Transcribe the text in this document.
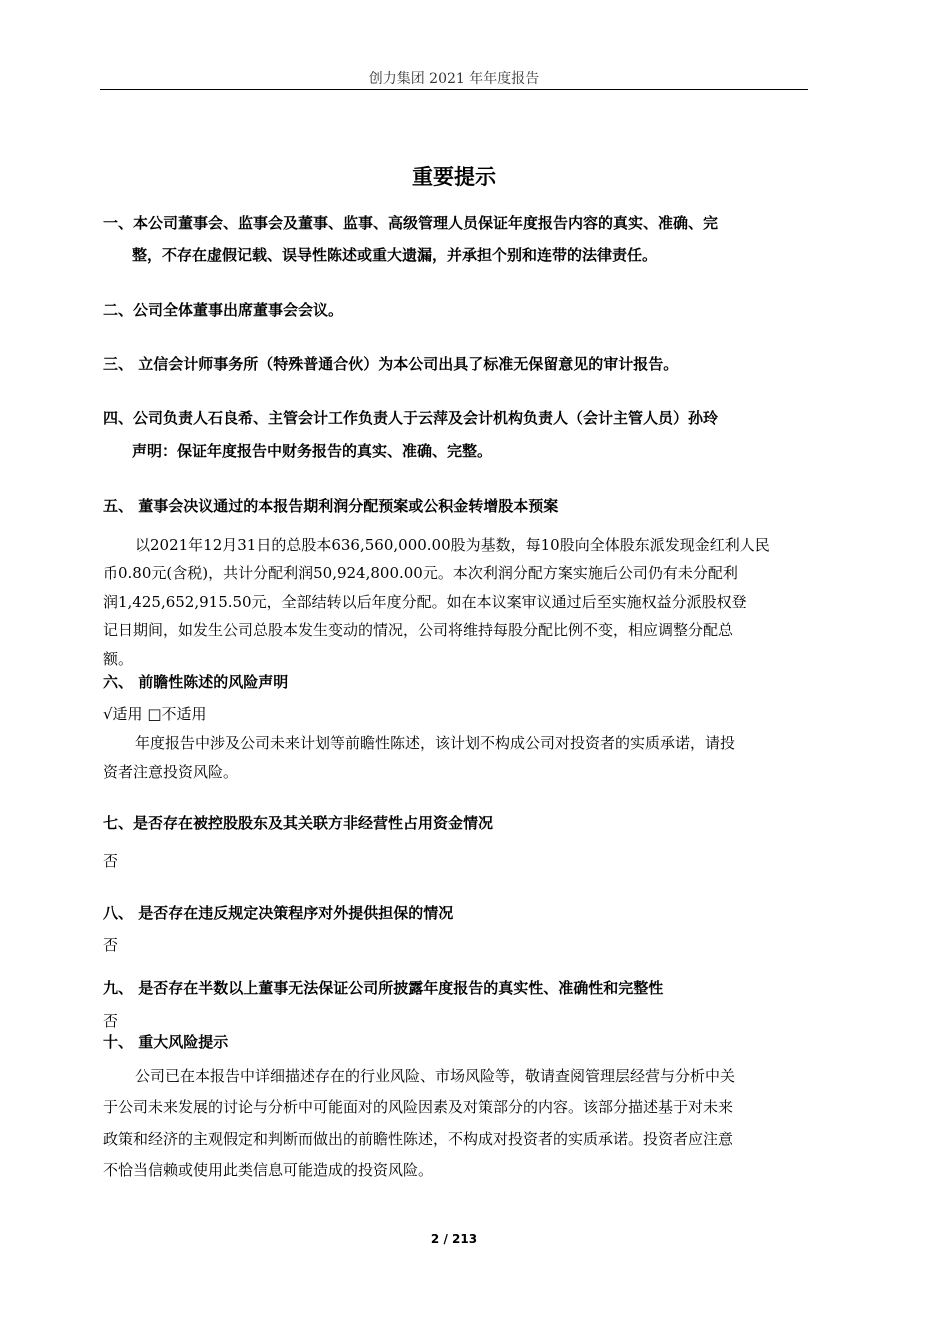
创力集团 2021 年年度报告
重要提示
一、本公司董事会、监事会及董事、监事、高级管理人员保证年度报告内容的真实、准确、完
整，不存在虚假记载、误导性陈述或重大遗漏，并承担个别和连带的法律责任。
二、公司全体董事出席董事会会议。
三、 立信会计师事务所（特殊普通合伙）为本公司出具了标准无保留意见的审计报告。
四、公司负责人石良希、主管会计工作负责人于云萍及会计机构负责人（会计主管人员）孙玲
声明：保证年度报告中财务报告的真实、准确、完整。
五、 董事会决议通过的本报告期利润分配预案或公积金转增股本预案
以2021年12月31日的总股本636,560,000.00股为基数，每10股向全体股东派发现金红利人民
币0.80元(含税)，共计分配利润50,924,800.00元。本次利润分配方案实施后公司仍有未分配利
润1,425,652,915.50元，全部结转以后年度分配。如在本议案审议通过后至实施权益分派股权登
记日期间，如发生公司总股本发生变动的情况，公司将维持每股分配比例不变，相应调整分配总
额。
六、 前瞻性陈述的风险声明
√适用 □不适用
年度报告中涉及公司未来计划等前瞻性陈述，该计划不构成公司对投资者的实质承诺，请投
资者注意投资风险。
七、是否存在被控股股东及其关联方非经营性占用资金情况
否
八、 是否存在违反规定决策程序对外提供担保的情况
否
九、 是否存在半数以上董事无法保证公司所披露年度报告的真实性、准确性和完整性
否
十、 重大风险提示
公司已在本报告中详细描述存在的行业风险、市场风险等，敬请查阅管理层经营与分析中关
于公司未来发展的讨论与分析中可能面对的风险因素及对策部分的内容。该部分描述基于对未来
政策和经济的主观假定和判断而做出的前瞻性陈述，不构成对投资者的实质承诺。投资者应注意
不恰当信赖或使用此类信息可能造成的投资风险。
2 / 213
